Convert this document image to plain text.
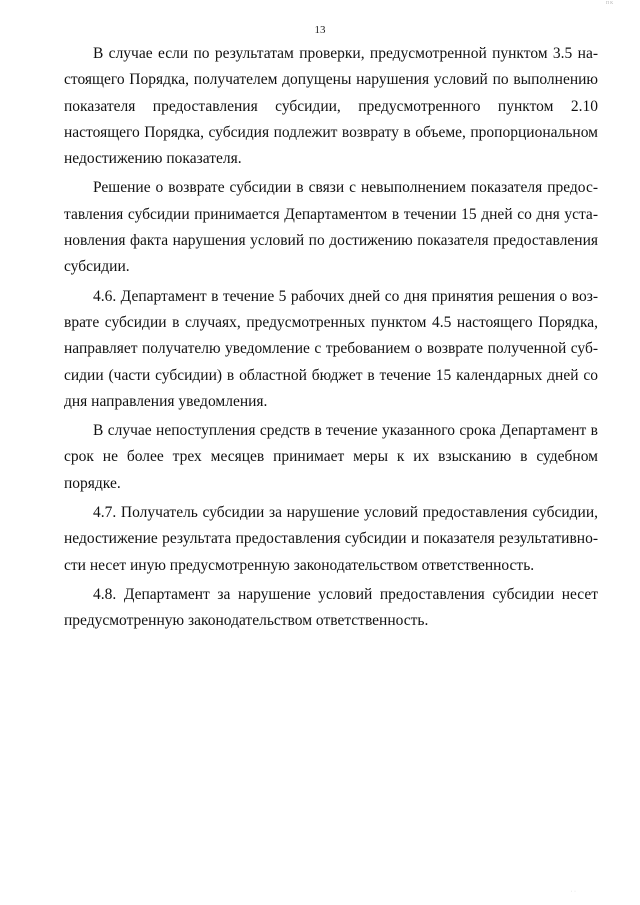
пк
13

В случае если по результатам проверки, предусмотренной пунктом 3.5 настоящего Порядка, получателем допущены нарушения условий по выполнению показателя предоставления субсидии, предусмотренного пунктом 2.10 настоящего Порядка, субсидия подлежит возврату в объеме, пропорциональном недостижению показателя.

Решение о возврате субсидии в связи с невыполнением показателя предоставления субсидии принимается Департаментом в течении 15 дней со дня установления факта нарушения условий по достижению показателя предоставления субсидии.

4.6. Департамент в течение 5 рабочих дней со дня принятия решения о возврате субсидии в случаях, предусмотренных пунктом 4.5 настоящего Порядка, направляет получателю уведомление с требованием о возврате полученной субсидии (части субсидии) в областной бюджет в течение 15 календарных дней со дня направления уведомления.

В случае непоступления средств в течение указанного срока Департамент в срок не более трех месяцев принимает меры к их взысканию в судебном порядке.

4.7. Получатель субсидии за нарушение условий предоставления субсидии, недостижение результата предоставления субсидии и показателя результативности несет иную предусмотренную законодательством ответственность.

4.8. Департамент за нарушение условий предоставления субсидии несет предусмотренную законодательством ответственность.

· ·
